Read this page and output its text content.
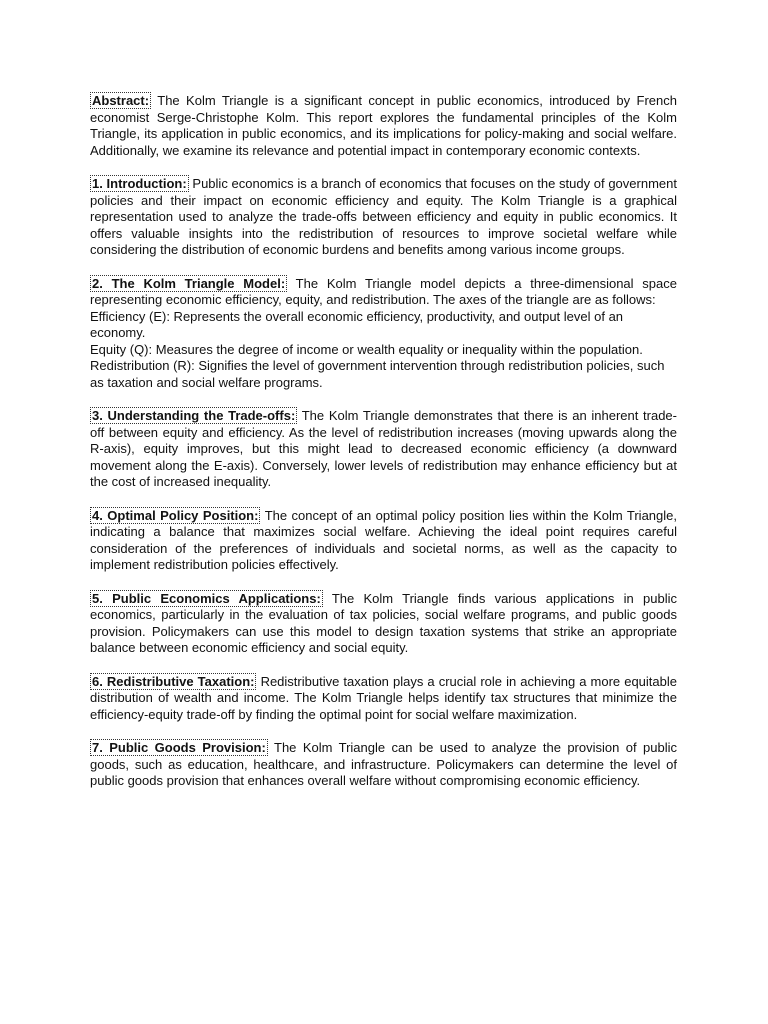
Abstract: The Kolm Triangle is a significant concept in public economics, introduced by French economist Serge-Christophe Kolm. This report explores the fundamental principles of the Kolm Triangle, its application in public economics, and its implications for policy-making and social welfare. Additionally, we examine its relevance and potential impact in contemporary economic contexts.

1. Introduction: Public economics is a branch of economics that focuses on the study of government policies and their impact on economic efficiency and equity. The Kolm Triangle is a graphical representation used to analyze the trade-offs between efficiency and equity in public economics. It offers valuable insights into the redistribution of resources to improve societal welfare while considering the distribution of economic burdens and benefits among various income groups.

2. The Kolm Triangle Model: The Kolm Triangle model depicts a three-dimensional space representing economic efficiency, equity, and redistribution. The axes of the triangle are as follows:
Efficiency (E): Represents the overall economic efficiency, productivity, and output level of an economy.
Equity (Q): Measures the degree of income or wealth equality or inequality within the population.
Redistribution (R): Signifies the level of government intervention through redistribution policies, such as taxation and social welfare programs.

3. Understanding the Trade-offs: The Kolm Triangle demonstrates that there is an inherent trade-off between equity and efficiency. As the level of redistribution increases (moving upwards along the R-axis), equity improves, but this might lead to decreased economic efficiency (a downward movement along the E-axis). Conversely, lower levels of redistribution may enhance efficiency but at the cost of increased inequality.

4. Optimal Policy Position: The concept of an optimal policy position lies within the Kolm Triangle, indicating a balance that maximizes social welfare. Achieving the ideal point requires careful consideration of the preferences of individuals and societal norms, as well as the capacity to implement redistribution policies effectively.

5. Public Economics Applications: The Kolm Triangle finds various applications in public economics, particularly in the evaluation of tax policies, social welfare programs, and public goods provision. Policymakers can use this model to design taxation systems that strike an appropriate balance between economic efficiency and social equity.

6. Redistributive Taxation: Redistributive taxation plays a crucial role in achieving a more equitable distribution of wealth and income. The Kolm Triangle helps identify tax structures that minimize the efficiency-equity trade-off by finding the optimal point for social welfare maximization.

7. Public Goods Provision: The Kolm Triangle can be used to analyze the provision of public goods, such as education, healthcare, and infrastructure. Policymakers can determine the level of public goods provision that enhances overall welfare without compromising economic efficiency.
